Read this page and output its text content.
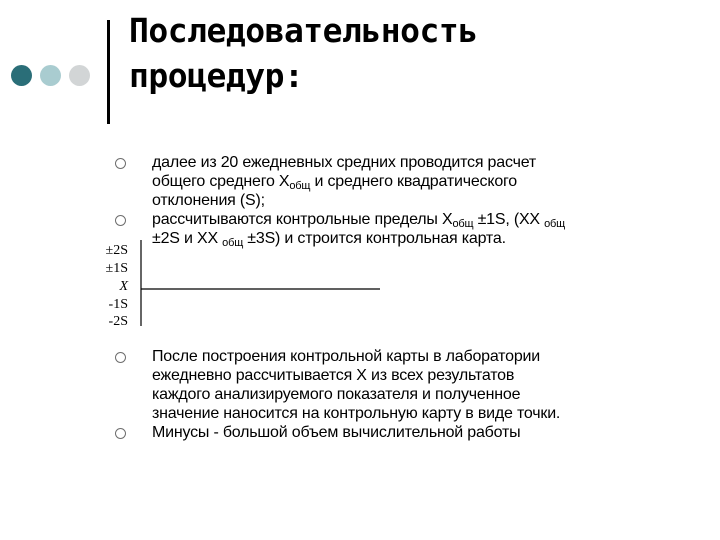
Последовательность
процедур:
далее из 20 ежедневных средних проводится расчет
общего среднего $X_{общ}$ и среднего квадратического
отклонения (S);
рассчитываются контрольные пределы $X_{общ} \pm 1S$, (XX $_{общ}$
±2S и XX $_{общ}$ ±3S) и строится контрольная карта.
±2S
±1S
X
-1S
-2S
После построения контрольной карты в лаборатории
ежедневно рассчитывается X из всех результатов
каждого анализируемого показателя и полученное
значение наносится на контрольную карту в виде точки.
Минусы - большой объем вычислительной работы
